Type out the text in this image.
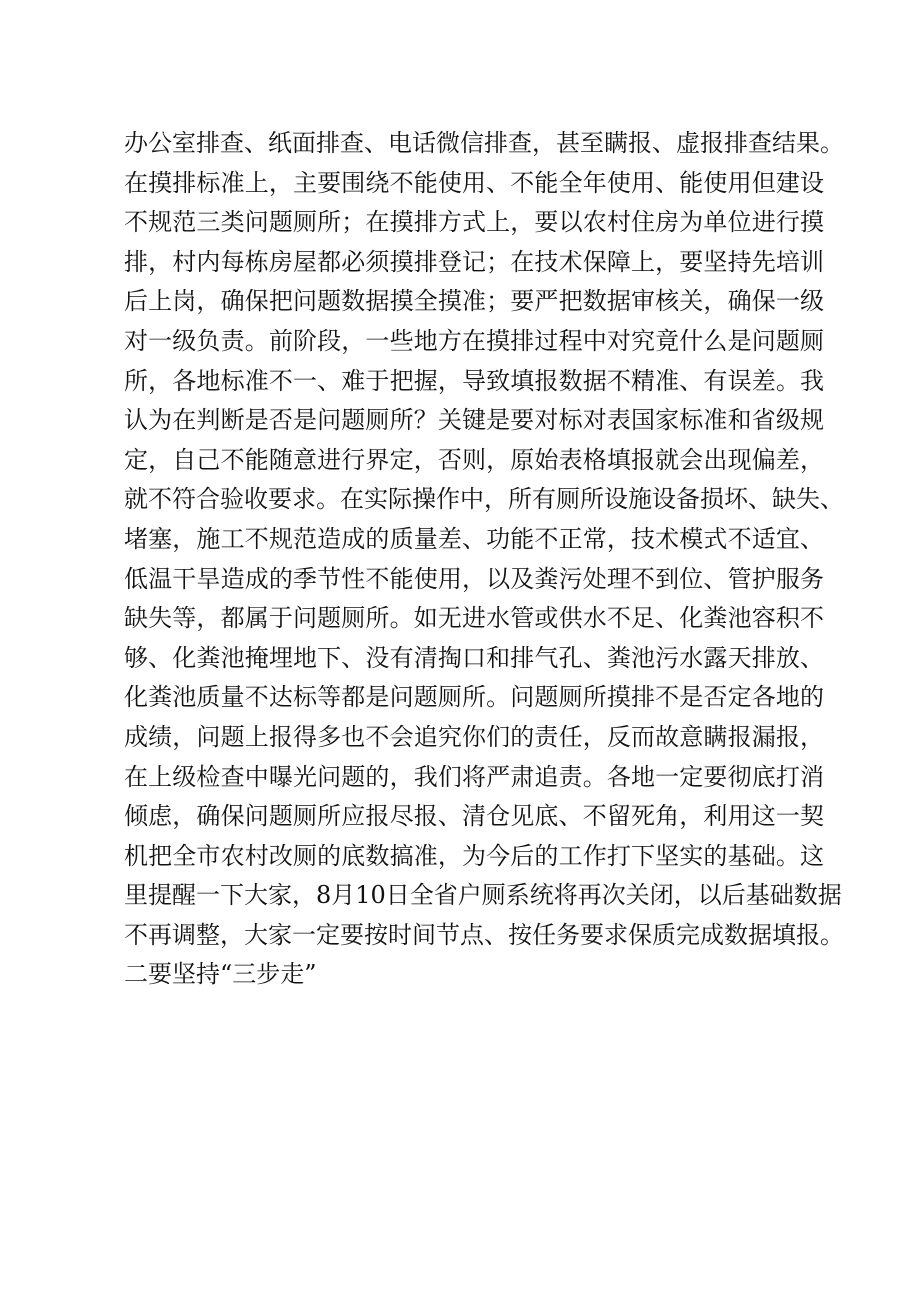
办公室排查、纸面排查、电话微信排查，甚至瞒报、虚报排查结果。
在摸排标准上，主要围绕不能使用、不能全年使用、能使用但建设
不规范三类问题厕所；在摸排方式上，要以农村住房为单位进行摸
排，村内每栋房屋都必须摸排登记；在技术保障上，要坚持先培训
后上岗，确保把问题数据摸全摸准；要严把数据审核关，确保一级
对一级负责。前阶段，一些地方在摸排过程中对究竟什么是问题厕
所，各地标准不一、难于把握，导致填报数据不精准、有误差。我
认为在判断是否是问题厕所？关键是要对标对表国家标准和省级规
定，自己不能随意进行界定，否则，原始表格填报就会出现偏差，
就不符合验收要求。在实际操作中，所有厕所设施设备损坏、缺失、
堵塞，施工不规范造成的质量差、功能不正常，技术模式不适宜、
低温干旱造成的季节性不能使用，以及粪污处理不到位、管护服务
缺失等，都属于问题厕所。如无进水管或供水不足、化粪池容积不
够、化粪池掩埋地下、没有清掏口和排气孔、粪池污水露天排放、
化粪池质量不达标等都是问题厕所。问题厕所摸排不是否定各地的
成绩，问题上报得多也不会追究你们的责任，反而故意瞒报漏报，
在上级检查中曝光问题的，我们将严肃追责。各地一定要彻底打消
倾虑，确保问题厕所应报尽报、清仓见底、不留死角，利用这一契
机把全市农村改厕的底数搞准，为今后的工作打下坚实的基础。这
里提醒一下大家，8月10日全省户厕系统将再次关闭，以后基础数据
不再调整，大家一定要按时间节点、按任务要求保质完成数据填报。
二要坚持“三步走”
